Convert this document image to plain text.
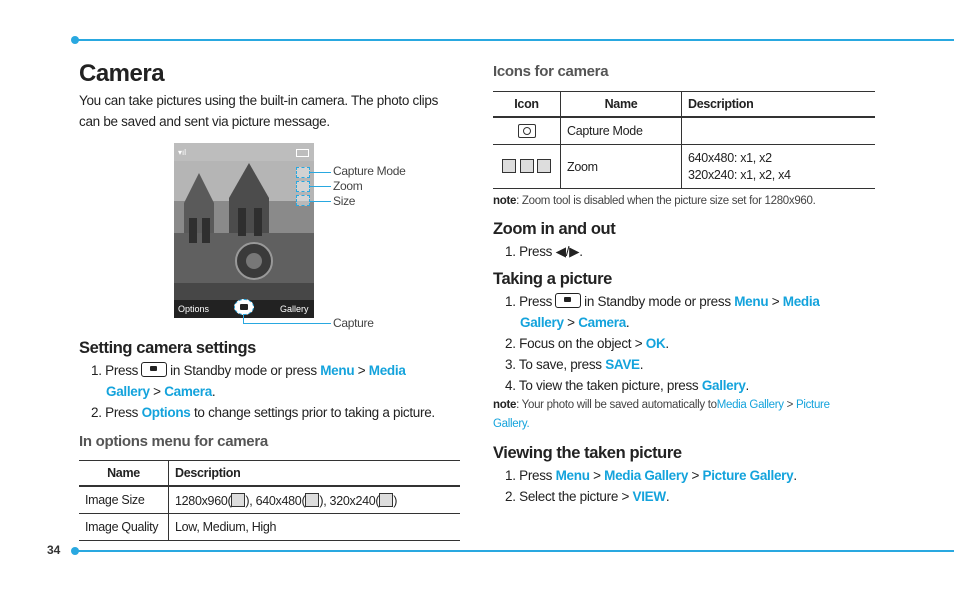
34
Camera
You can take pictures using the built-in camera. The photo clips
can be saved and sent via picture message.
▾ıl
Options	Gallery
Capture Mode
Zoom
Size
Capture
Setting camera settings
1. Press in Standby mode or press Menu > Media
Gallery > Camera.
2. Press Options to change settings prior to taking a picture.
In options menu for camera
Name	Description
Image Size	1280x960( ), 640x480( ), 320x240( )
Image Quality	Low, Medium, High
Icons for camera
Icon	Name	Description

	Capture Mode	
	Zoom	640x480: x1, x2
320x240: x1, x2, x4
note: Zoom tool is disabled when the picture size set for 1280x960.
Zoom in and out
1. Press ◀/▶.
Taking a picture
1. Press in Standby mode or press Menu > Media
Gallery > Camera.
2. Focus on the object > OK.
3. To save, press SAVE.
4. To view the taken picture, press Gallery.
note: Your photo will be saved automatically toMedia Gallery > Picture
Gallery.
Viewing the taken picture
1. Press Menu > Media Gallery > Picture Gallery.
2. Select the picture > VIEW.
